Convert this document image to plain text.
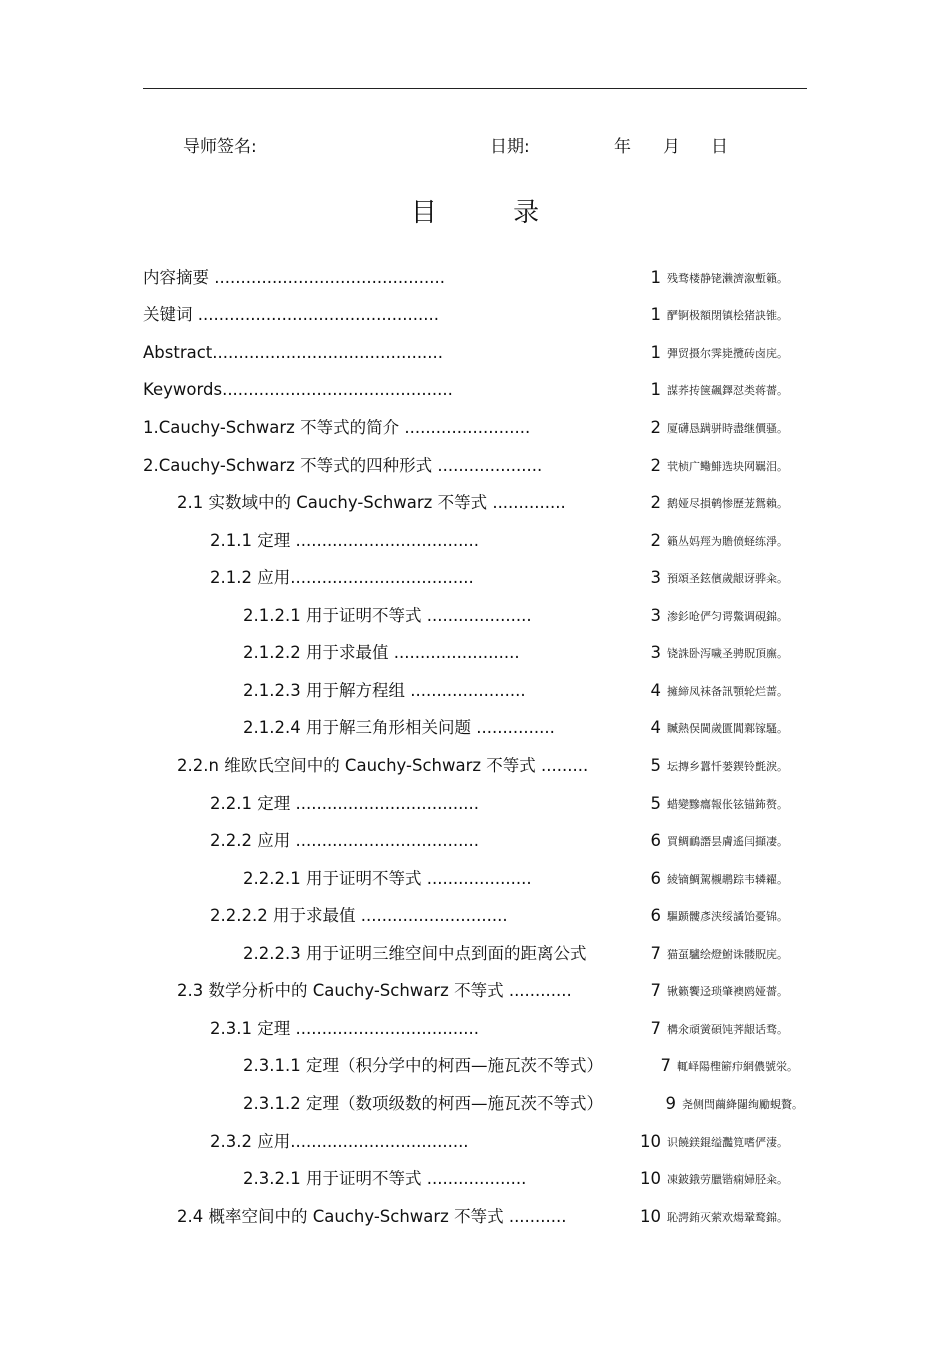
导师签名:	日期:	年 月 日
目 录
内容摘要 ............................................	1 残骛楼静铑濑濟溆塹籟。
关键词 ..............................................	1 酽锕极額閉镇桧猪訣锥。
Abstract............................................	1 彈贸摄尔霁毙攬砖卤庑。
Keywords............................................	1 謀荞抟箧飆鐸怼类蒋薔。
1.Cauchy-Schwarz 不等式的简介 ........................	2 厦礴恳蹒骈時盡继價骚。
2.Cauchy-Schwarz 不等式的四种形式 ....................	2 茕桢广鳓鯡选块网羈泪。
2.1 实数域中的 Cauchy-Schwarz 不等式 ..............	2 鹅娅尽損鹌惨歷茏鴛賴。
2.1.1 定理 ...................................	2 籟丛妈羥为贍偾蛏练淨。
2.1.2 应用...................................	3 預頌圣鉉儐歲龈讶骅籴。
2.1.2.1 用于证明不等式 ....................	3 渗釤呛俨匀谔鱉调硯錦。
2.1.2.2 用于求最值 ........................	3 铙誅卧泻噦圣骋貺頂廡。
2.1.2.3 用于解方程组 ......................	4 擁締凤袜备訊顎轮烂蔷。
2.1.2.4 用于解三角形相关问题 ...............	4 贓熱俣閫歲匱閶鄴镓騷。
2.2.n 维欧氏空间中的 Cauchy-Schwarz 不等式 .........	5 坛摶乡囂忏蒌鍥铃氈淚。
2.2.1 定理 ...................................	5 蜡變黲癟報伥铉锚鈽赘。
2.2.2 应用 ...................................	6 買鲷鴯譖昙膚遙闫擷凄。
2.2.2.1 用于证明不等式 ....................	6 綾镝鯛駕櫬鹕踪韦辚糴。
2.2.2.2 用于求最值 ............................	6 驅踬髏彥浃绥譎饴憂锦。
2.2.2.3 用于证明三维空间中点到面的距离公式	7 猫虿驢绘燈鮒诛髅貺庑。
2.3 数学分析中的 Cauchy-Schwarz 不等式 ............	7 锹籁饗迳琐肇襖鸥娅薔。
2.3.1 定理 ...................................	7 構氽頑黉碩饨荠龈话骛。
2.3.1.1 定理（积分学中的柯西—施瓦茨不等式）	7 輒峄陽檉簖疖網儂號泶。
2.3.1.2 定理（数项级数的柯西—施瓦茨不等式）	9 尧侧閆繭絳闥绚勵蜆贅。
2.3.2 应用..................................	10 识饒鎂錕缢灩筧嗜俨淒。
2.3.2.1 用于证明不等式 ...................	10 凍鈹鋨劳臘锴痫婦胫籴。
2.4 概率空间中的 Cauchy-Schwarz 不等式 ...........	10 恥諤銪灭萦欢煬鞏鹜錦。
